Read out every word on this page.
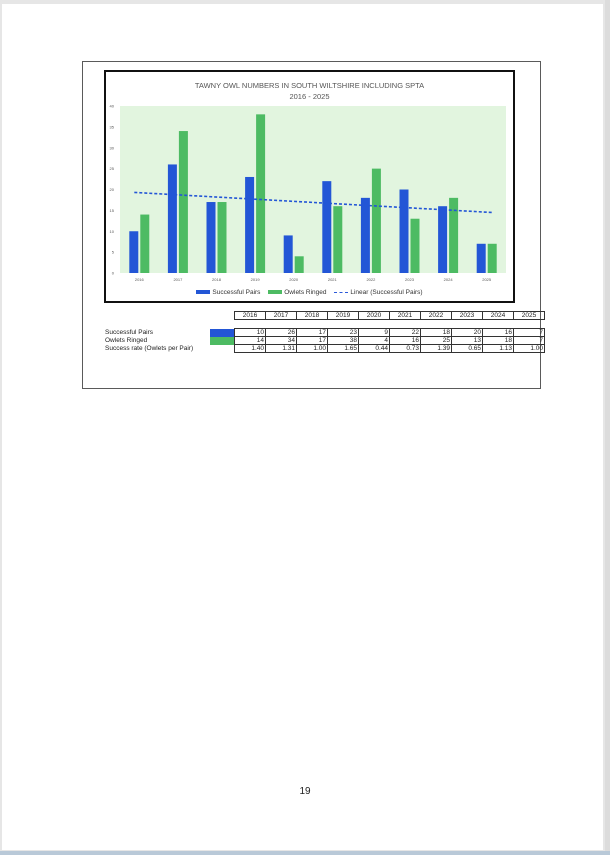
TAWNY OWL NUMBERS IN SOUTH WILTSHIRE INCLUDING SPTA
2016 - 2025
0
5
10
15
20
25
30
35
40
2016	2017	2018	2019	2020	2021	2022	2023	2024	2025
Successful Pairs	Owlets Ringed	Linear (Successful Pairs)
		2016	2017	2018	2019	2020	2021	2022	2023	2024	2025

Successful Pairs		10	26	17	23	9	22	18	20	16	7
Owlets Ringed		14	34	17	38	4	16	25	13	18	7
Success rate (Owlets per Pair)		1.40	1.31	1.00	1.65	0.44	0.73	1.39	0.65	1.13	1.00
19
